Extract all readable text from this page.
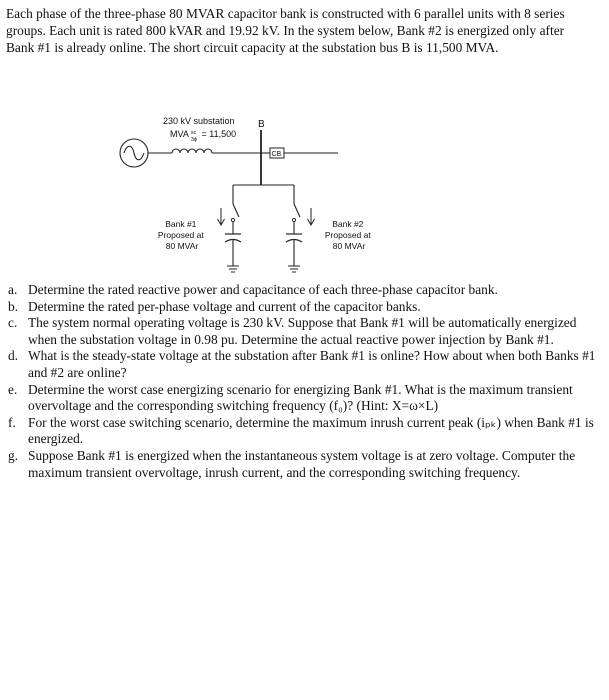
Each phase of the three-phase 80 MVAR capacitor bank is constructed with 6 parallel units with 8 series groups. Each unit is rated 800 kVAR and 19.92 kV. In the system below, Bank #2 is energized only after Bank #1 is already online. The short circuit capacity at the substation bus B is 11,500 MVA.

230 kV substation
MVA $^{sc}$ 3ϕ = 11,500
B
CB
Bank #1 Proposed at 80 MVAr
Bank #2 Proposed at 80 MVAr
a. Determine the rated reactive power and capacitance of each three-phase capacitor bank.
b. Determine the rated per-phase voltage and current of the capacitor banks.
c. The system normal operating voltage is 230 kV. Suppose that Bank #1 will be automatically energized when the substation voltage in 0.98 pu. Determine the actual reactive power injection by Bank #1.
d. What is the steady-state voltage at the substation after Bank #1 is online? How about when both Banks #1 and #2 are online?
e. Determine the worst case energizing scenario for energizing Bank #1. What is the maximum transient overvoltage and the corresponding switching frequency (f₀)? (Hint: X=ω×L)
f. For the worst case switching scenario, determine the maximum inrush current peak (iₚₖ) when Bank #1 is energized.
g. Suppose Bank #1 is energized when the instantaneous system voltage is at zero voltage. Computer the maximum transient overvoltage, inrush current, and the corresponding switching frequency.
